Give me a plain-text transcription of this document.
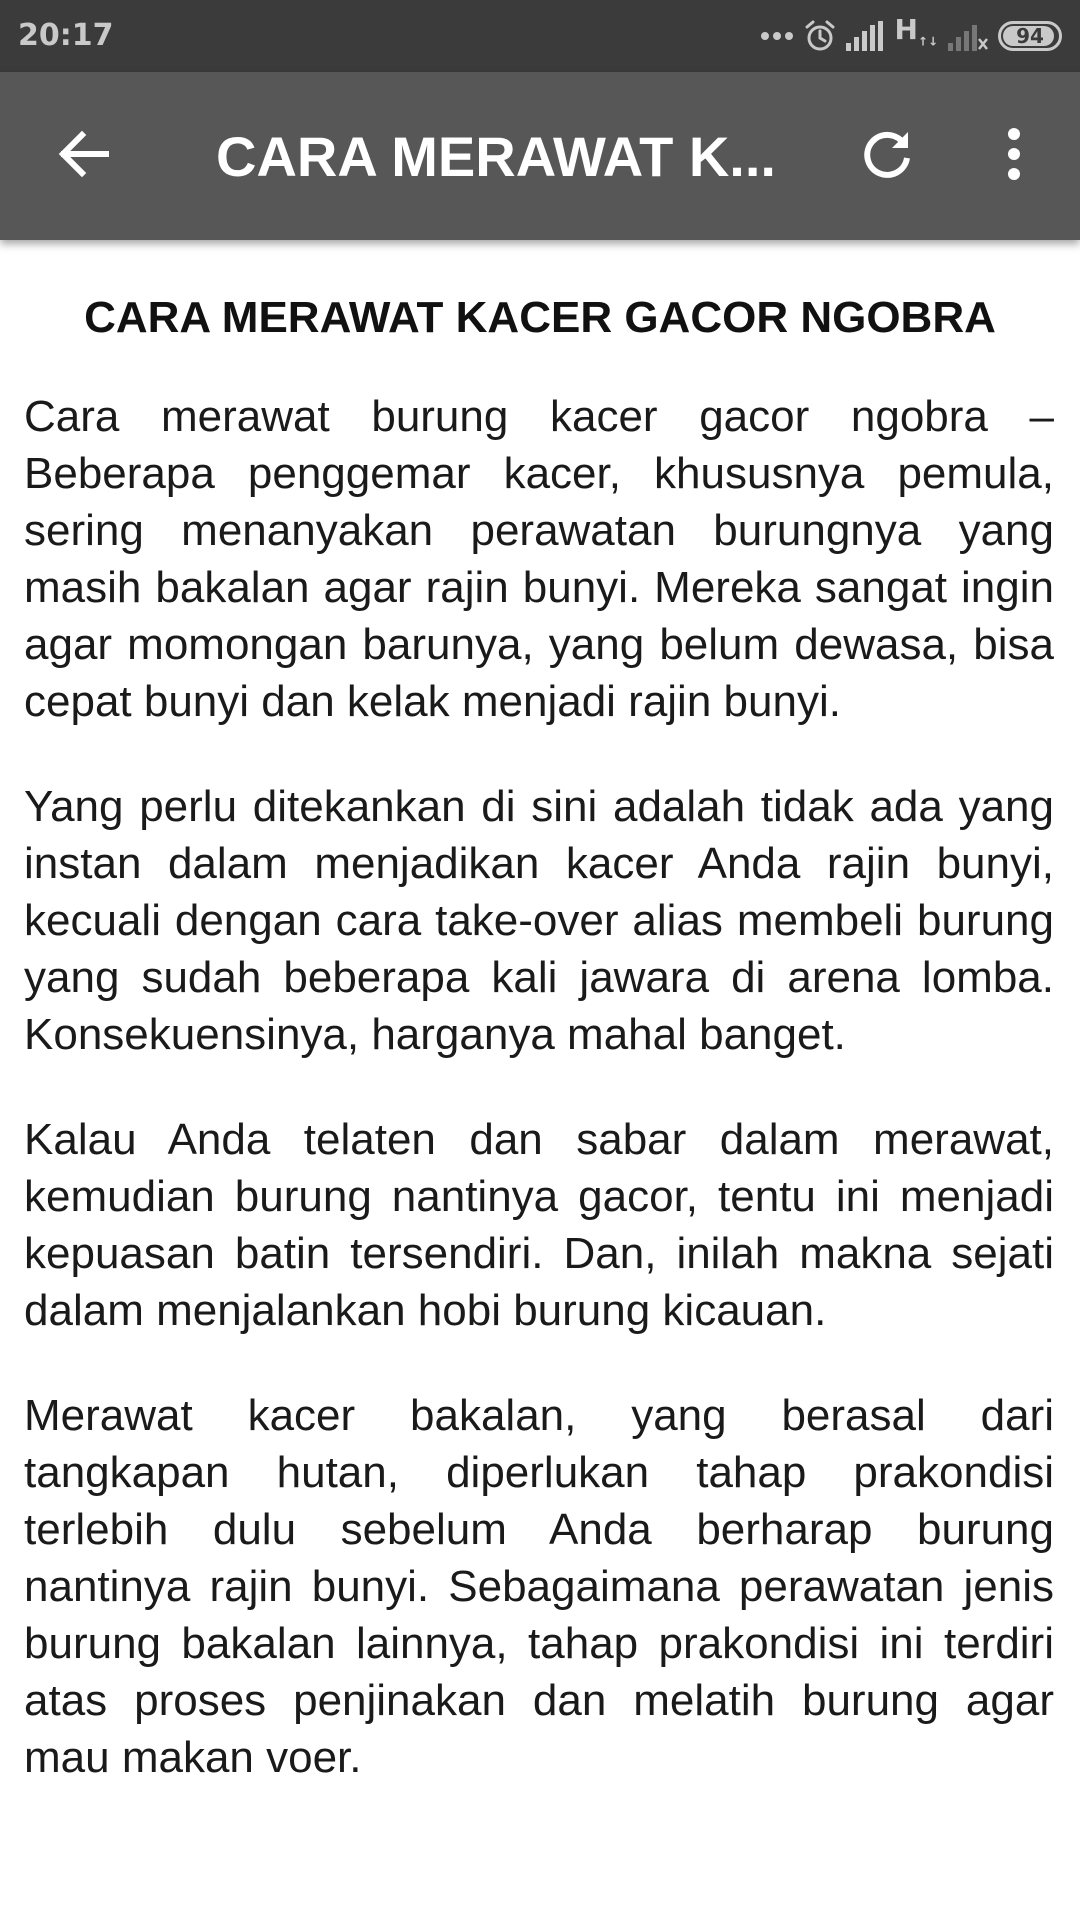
20:17	$H_{↑↓}$	94
CARA MERAWAT K...
CARA MERAWAT KACER GACOR NGOBRA

Cara merawat burung kacer gacor ngobra – Beberapa penggemar kacer, khususnya pemula, sering menanyakan perawatan burungnya yang masih bakalan agar rajin bunyi. Mereka sangat ingin agar momongan barunya, yang belum dewasa, bisa cepat bunyi dan kelak menjadi rajin bunyi.

Yang perlu ditekankan di sini adalah tidak ada yang instan dalam menjadikan kacer Anda rajin bunyi, kecuali dengan cara take-over alias membeli burung yang sudah beberapa kali jawara di arena lomba. Konsekuensinya, harganya mahal banget.

Kalau Anda telaten dan sabar dalam merawat, kemudian burung nantinya gacor, tentu ini menjadi kepuasan batin tersendiri. Dan, inilah makna sejati dalam menjalankan hobi burung kicauan.

Merawat kacer bakalan, yang berasal dari tangkapan hutan, diperlukan tahap prakondisi terlebih dulu sebelum Anda berharap burung nantinya rajin bunyi. Sebagaimana perawatan jenis burung bakalan lainnya, tahap prakondisi ini terdiri atas proses penjinakan dan melatih burung agar mau makan voer.
